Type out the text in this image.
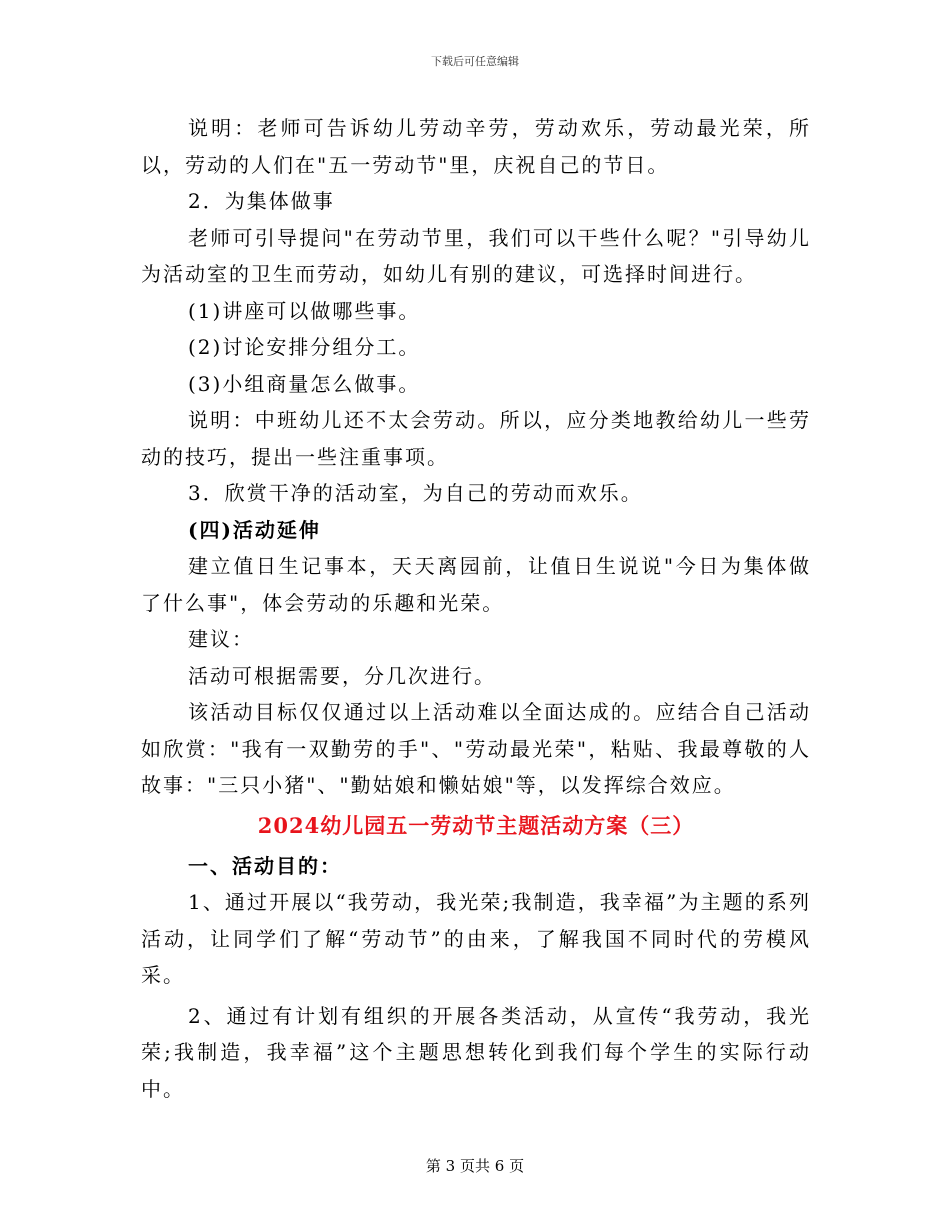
下载后可任意编辑

说明：老师可告诉幼儿劳动辛劳，劳动欢乐，劳动最光荣，所以，劳动的人们在"五一劳动节"里，庆祝自己的节日。

2．为集体做事

老师可引导提问"在劳动节里，我们可以干些什么呢？"引导幼儿为活动室的卫生而劳动，如幼儿有别的建议，可选择时间进行。

(1)讲座可以做哪些事。

(2)讨论安排分组分工。

(3)小组商量怎么做事。

说明：中班幼儿还不太会劳动。所以，应分类地教给幼儿一些劳动的技巧，提出一些注重事项。

3．欣赏干净的活动室，为自己的劳动而欢乐。

(四)活动延伸

建立值日生记事本，天天离园前，让值日生说说"今日为集体做了什么事"，体会劳动的乐趣和光荣。

建议：

活动可根据需要，分几次进行。

该活动目标仅仅通过以上活动难以全面达成的。应结合自己活动如欣赏："我有一双勤劳的手"、"劳动最光荣"，粘贴、我最尊敬的人故事："三只小猪"、"勤姑娘和懒姑娘"等，以发挥综合效应。

2024幼儿园五一劳动节主题活动方案（三）

一、活动目的：

1、通过开展以“我劳动，我光荣;我制造，我幸福”为主题的系列活动，让同学们了解“劳动节”的由来，了解我国不同时代的劳模风采。

2、通过有计划有组织的开展各类活动，从宣传“我劳动，我光荣;我制造，我幸福”这个主题思想转化到我们每个学生的实际行动中。

第 3 页共 6 页
